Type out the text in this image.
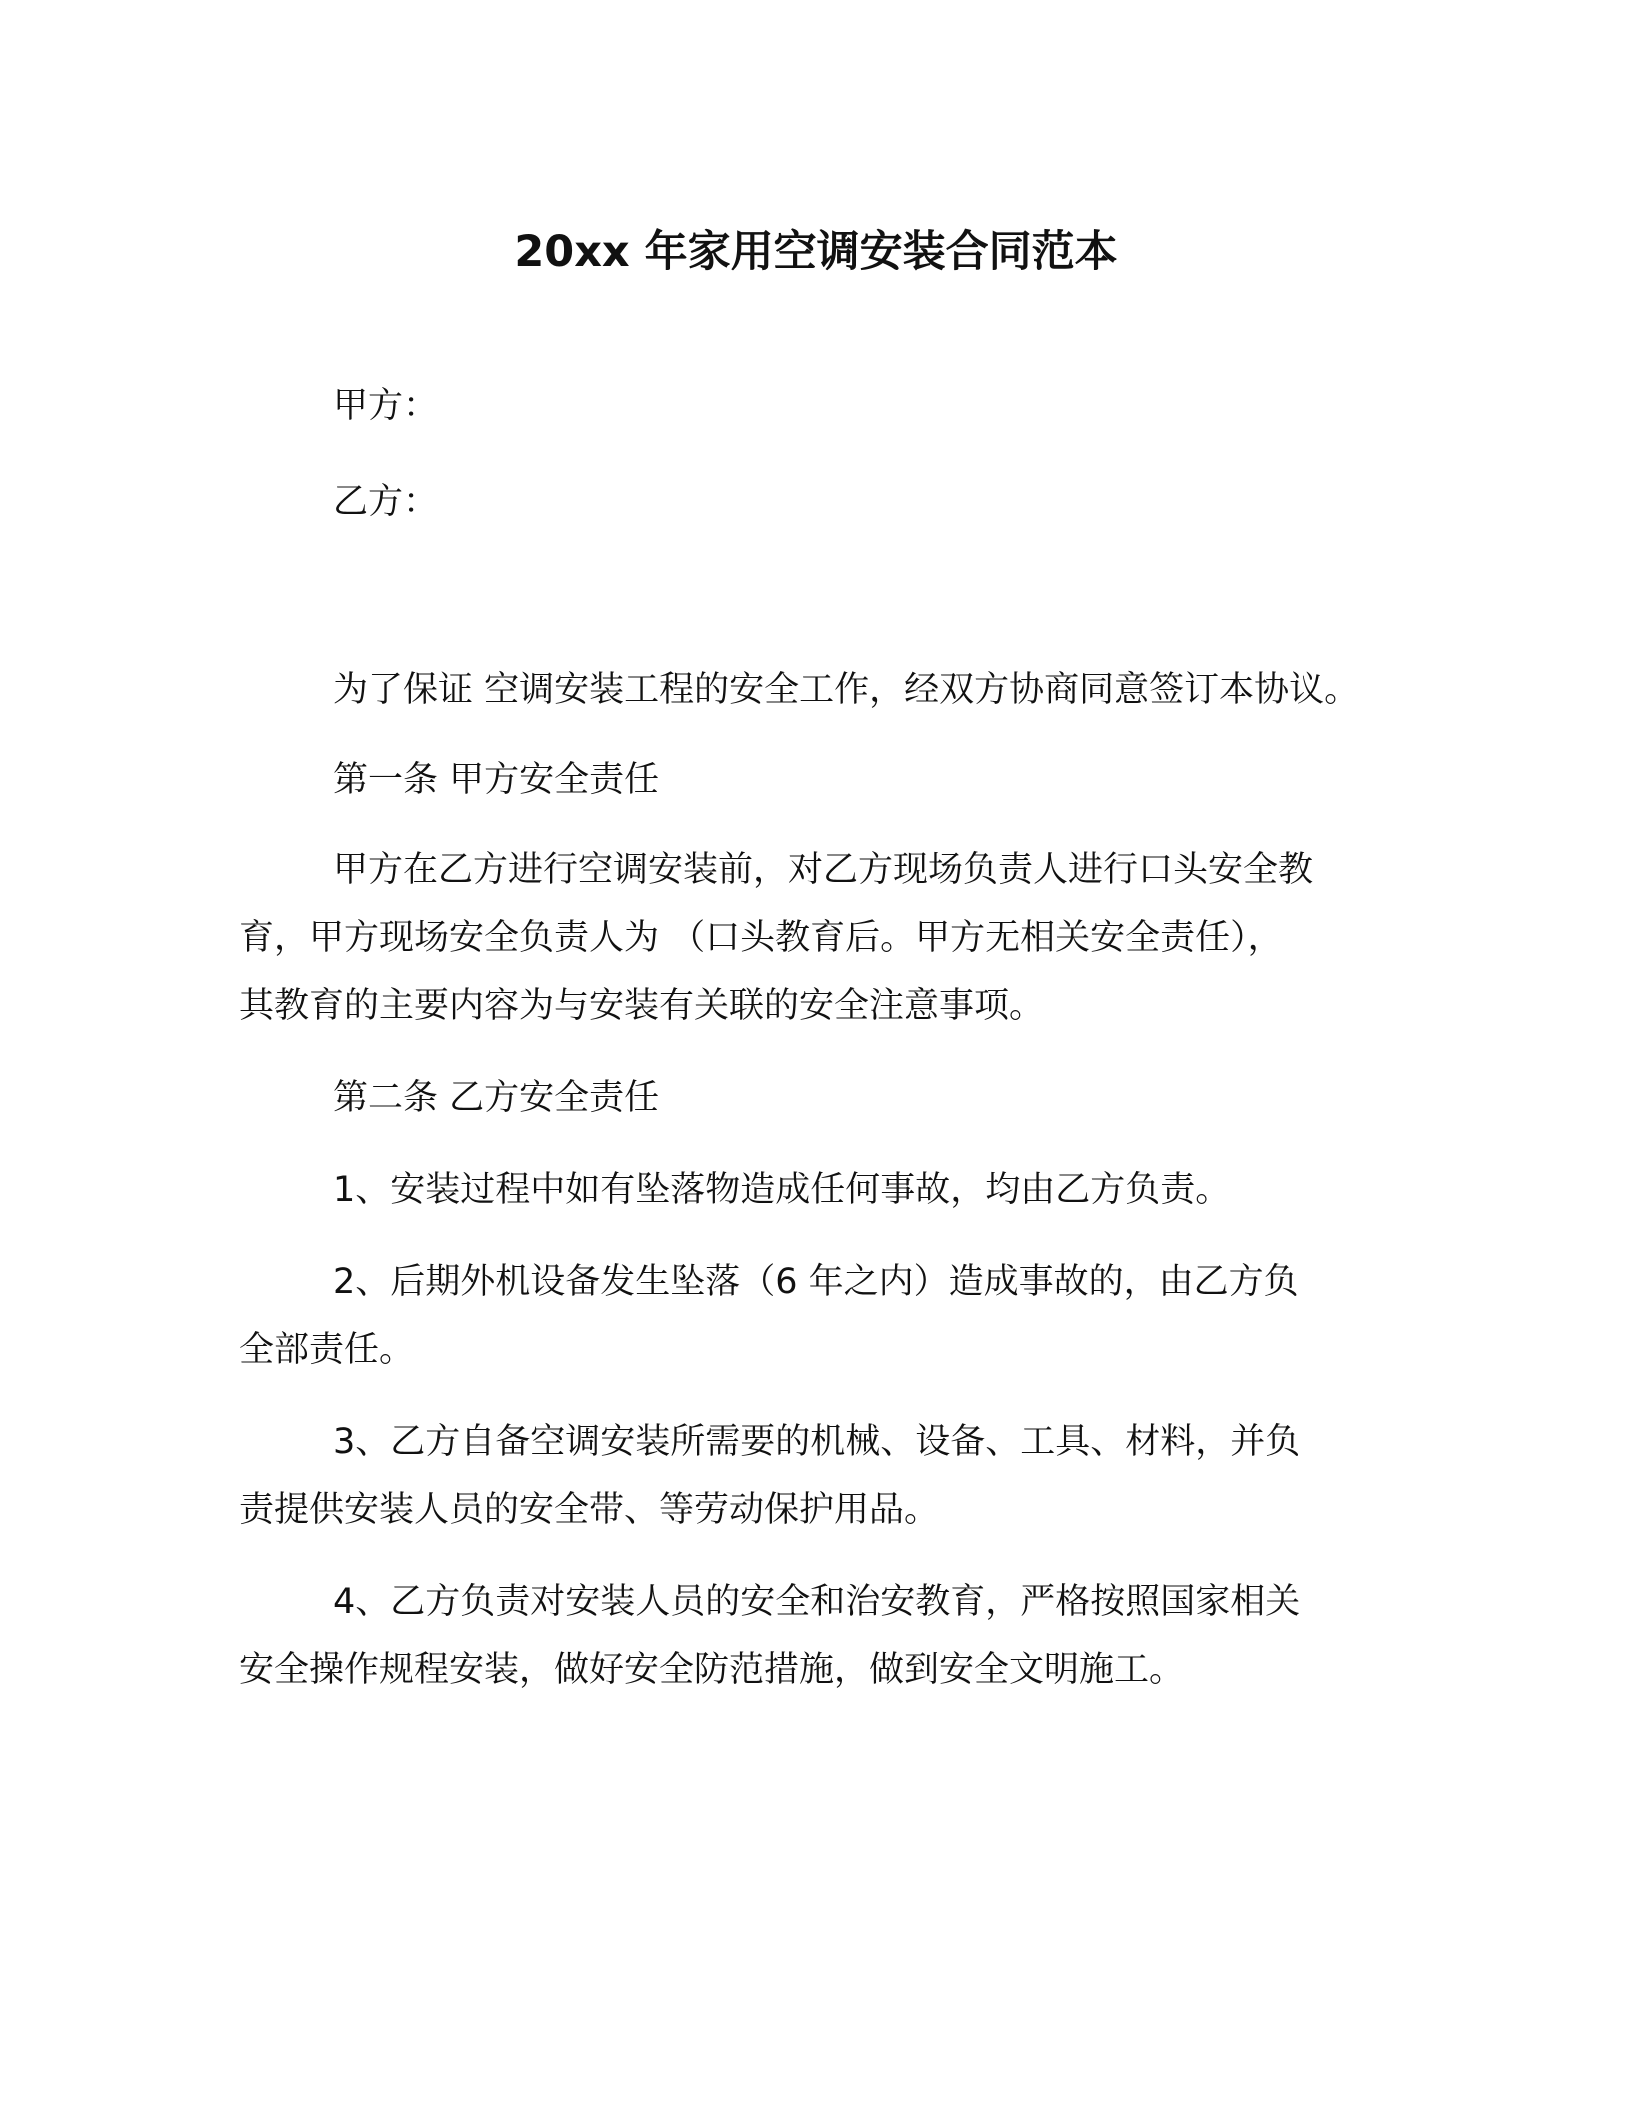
20xx 年家用空调安装合同范本
甲方：
乙方：
为了保证 空调安装工程的安全工作，经双方协商同意签订本协议。
第一条 甲方安全责任
甲方在乙方进行空调安装前，对乙方现场负责人进行口头安全教
育，甲方现场安全负责人为 （口头教育后。甲方无相关安全责任），
其教育的主要内容为与安装有关联的安全注意事项。
第二条 乙方安全责任
1、安装过程中如有坠落物造成任何事故，均由乙方负责。
2、后期外机设备发生坠落（6 年之内）造成事故的，由乙方负
全部责任。
3、乙方自备空调安装所需要的机械、设备、工具、材料，并负
责提供安装人员的安全带、等劳动保护用品。
4、乙方负责对安装人员的安全和治安教育，严格按照国家相关
安全操作规程安装，做好安全防范措施，做到安全文明施工。
